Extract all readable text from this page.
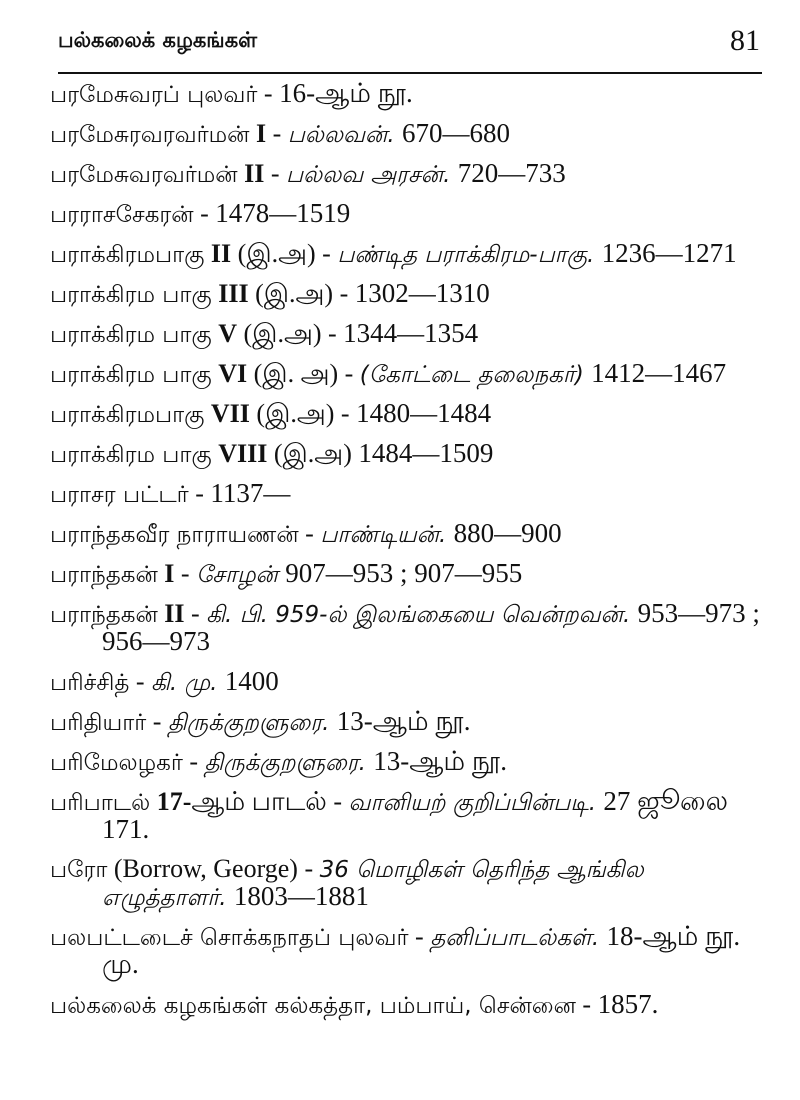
பல்கலைக் கழகங்கள்	81
பரமேசுவரப் புலவர் - 16-ஆம் நூ.
பரமேசுரவரவர்மன் I - பல்லவன். 670—680
பரமேசுவரவர்மன் II - பல்லவ அரசன். 720—733
பரராசசேகரன் - 1478—1519
பராக்கிரமபாகு II (இ.அ) - பண்டித பராக்கிரம-பாகு. 1236—1271
பராக்கிரம பாகு III (இ.அ) - 1302—1310
பராக்கிரம பாகு V (இ.அ) - 1344—1354
பராக்கிரம பாகு VI (இ. அ) - (கோட்டை தலைநகர்) 1412—1467
பராக்கிரமபாகு VII (இ.அ) - 1480—1484
பராக்கிரம பாகு VIII (இ.அ) 1484—1509
பராசர பட்டர் - 1137—
பராந்தகவீர நாராயணன் - பாண்டியன். 880—900
பராந்தகன் I - சோழன் 907—953 ; 907—955
பராந்தகன் II - கி. பி. 959-ல் இலங்கையை வென்றவன். 953—973 ; 956—973
பரிச்சித் - கி. மு. 1400
பரிதியார் - திருக்குறளுரை. 13-ஆம் நூ.
பரிமேலழகர் - திருக்குறளுரை. 13-ஆம் நூ.
பரிபாடல் 17-ஆம் பாடல் - வானியற் குறிப்பின்படி. 27 ஜூலை 171.
பரோ (Borrow, George) - 36 மொழிகள் தெரிந்த ஆங்கில எழுத்தாளர். 1803—1881
பலபட்டடைச் சொக்கநாதப் புலவர் - தனிப்பாடல்கள். 18-ஆம் நூ. மு.
பல்கலைக் கழகங்கள் கல்கத்தா, பம்பாய், சென்னை - 1857.
